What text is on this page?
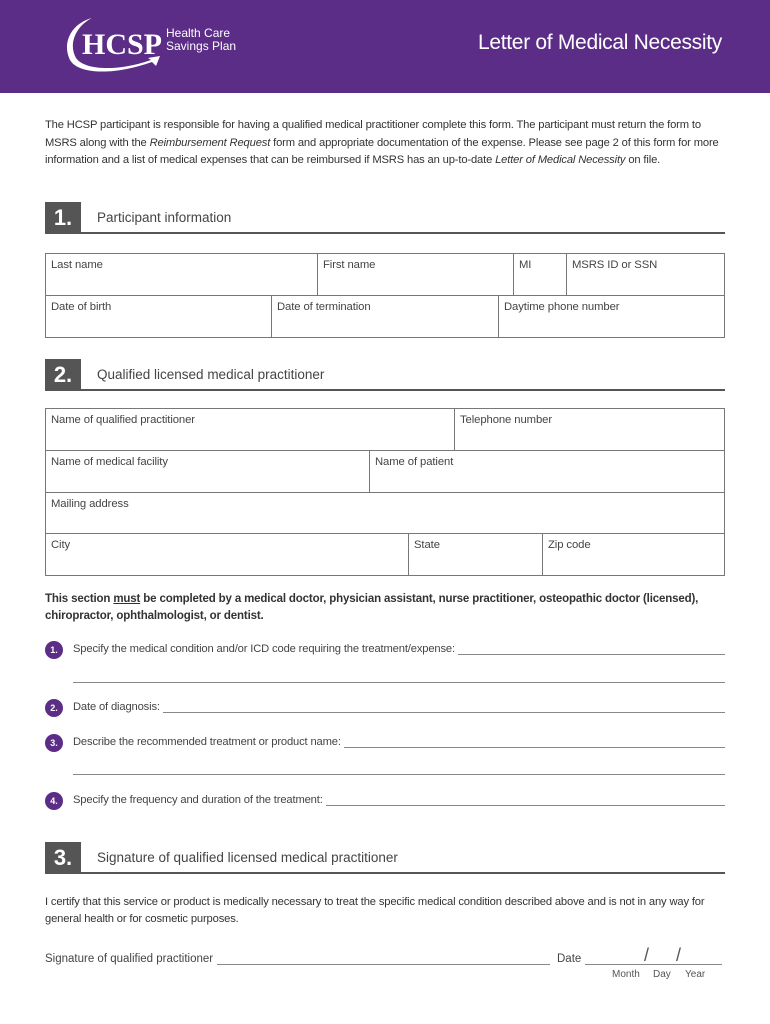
HCSP Health Care
Savings Plan	Letter of Medical Necessity

The HCSP participant is responsible for having a qualified medical practitioner complete this form. The participant must return the form to MSRS along with the Reimbursement Request form and appropriate documentation of the expense. Please see page 2 of this form for more information and a list of medical expenses that can be reimbursed if MSRS has an up-to-date Letter of Medical Necessity on file.

1.	Participant information
Last name	First name	MI	MSRS ID or SSN
Date of birth	Date of termination	Daytime phone number
2.	Qualified licensed medical practitioner
Name of qualified practitioner	Telephone number
Name of medical facility	Name of patient
Mailing address
City	State	Zip code

This section must be completed by a medical doctor, physician assistant, nurse practitioner, osteopathic doctor (licensed), chiropractor, ophthalmologist, or dentist.

1.	Specify the medical condition and/or ICD code requiring the treatment/expense:
2.	Date of diagnosis:
3.	Describe the recommended treatment or product name:
4.	Specify the frequency and duration of the treatment:
3.	Signature of qualified licensed medical practitioner

I certify that this service or product is medically necessary to treat the specific medical condition described above and is not in any way for general health or for cosmetic purposes.

Signature of qualified practitioner	Date	/ /
Month Day Year
